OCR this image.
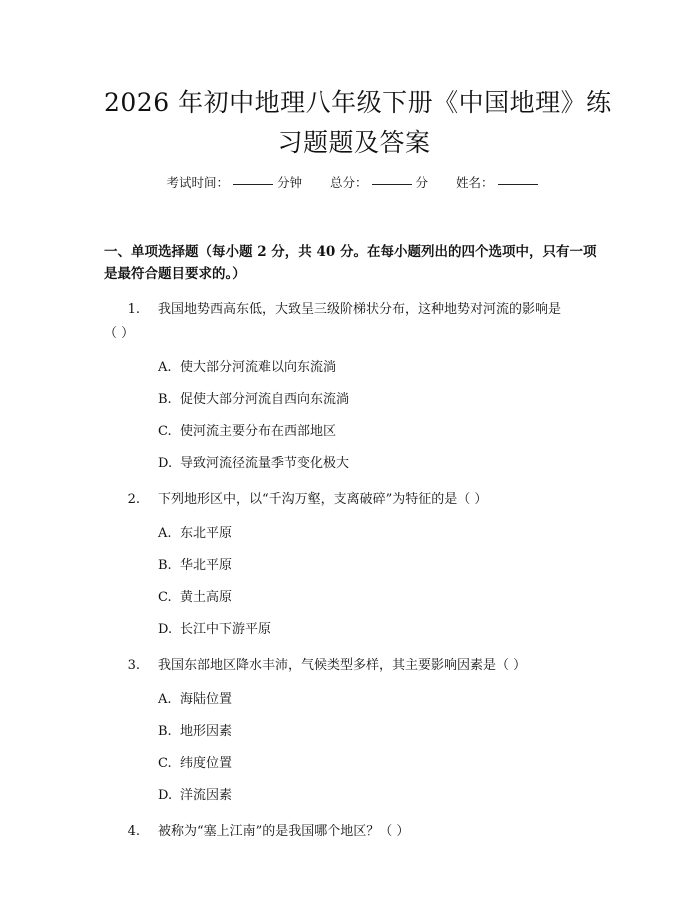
2026 年初中地理八年级下册《中国地理》练
习题题及答案
考试时间：	分钟 总分：	分 姓名：
一、单项选择题（每小题 2 分，共 40 分。在每小题列出的四个选项中，只有一项
是最符合题目要求的。）
1.	我国地势西高东低，大致呈三级阶梯状分布，这种地势对河流的影响是
（ ）
A. 使大部分河流难以向东流淌
B. 促使大部分河流自西向东流淌
C. 使河流主要分布在西部地区
D. 导致河流径流量季节变化极大
2.	下列地形区中，以“千沟万壑，支离破碎”为特征的是（ ）
A. 东北平原
B. 华北平原
C. 黄土高原
D. 长江中下游平原
3.	我国东部地区降水丰沛，气候类型多样，其主要影响因素是（ ）
A. 海陆位置
B. 地形因素
C. 纬度位置
D. 洋流因素
4.	被称为“塞上江南”的是我国哪个地区？（ ）
